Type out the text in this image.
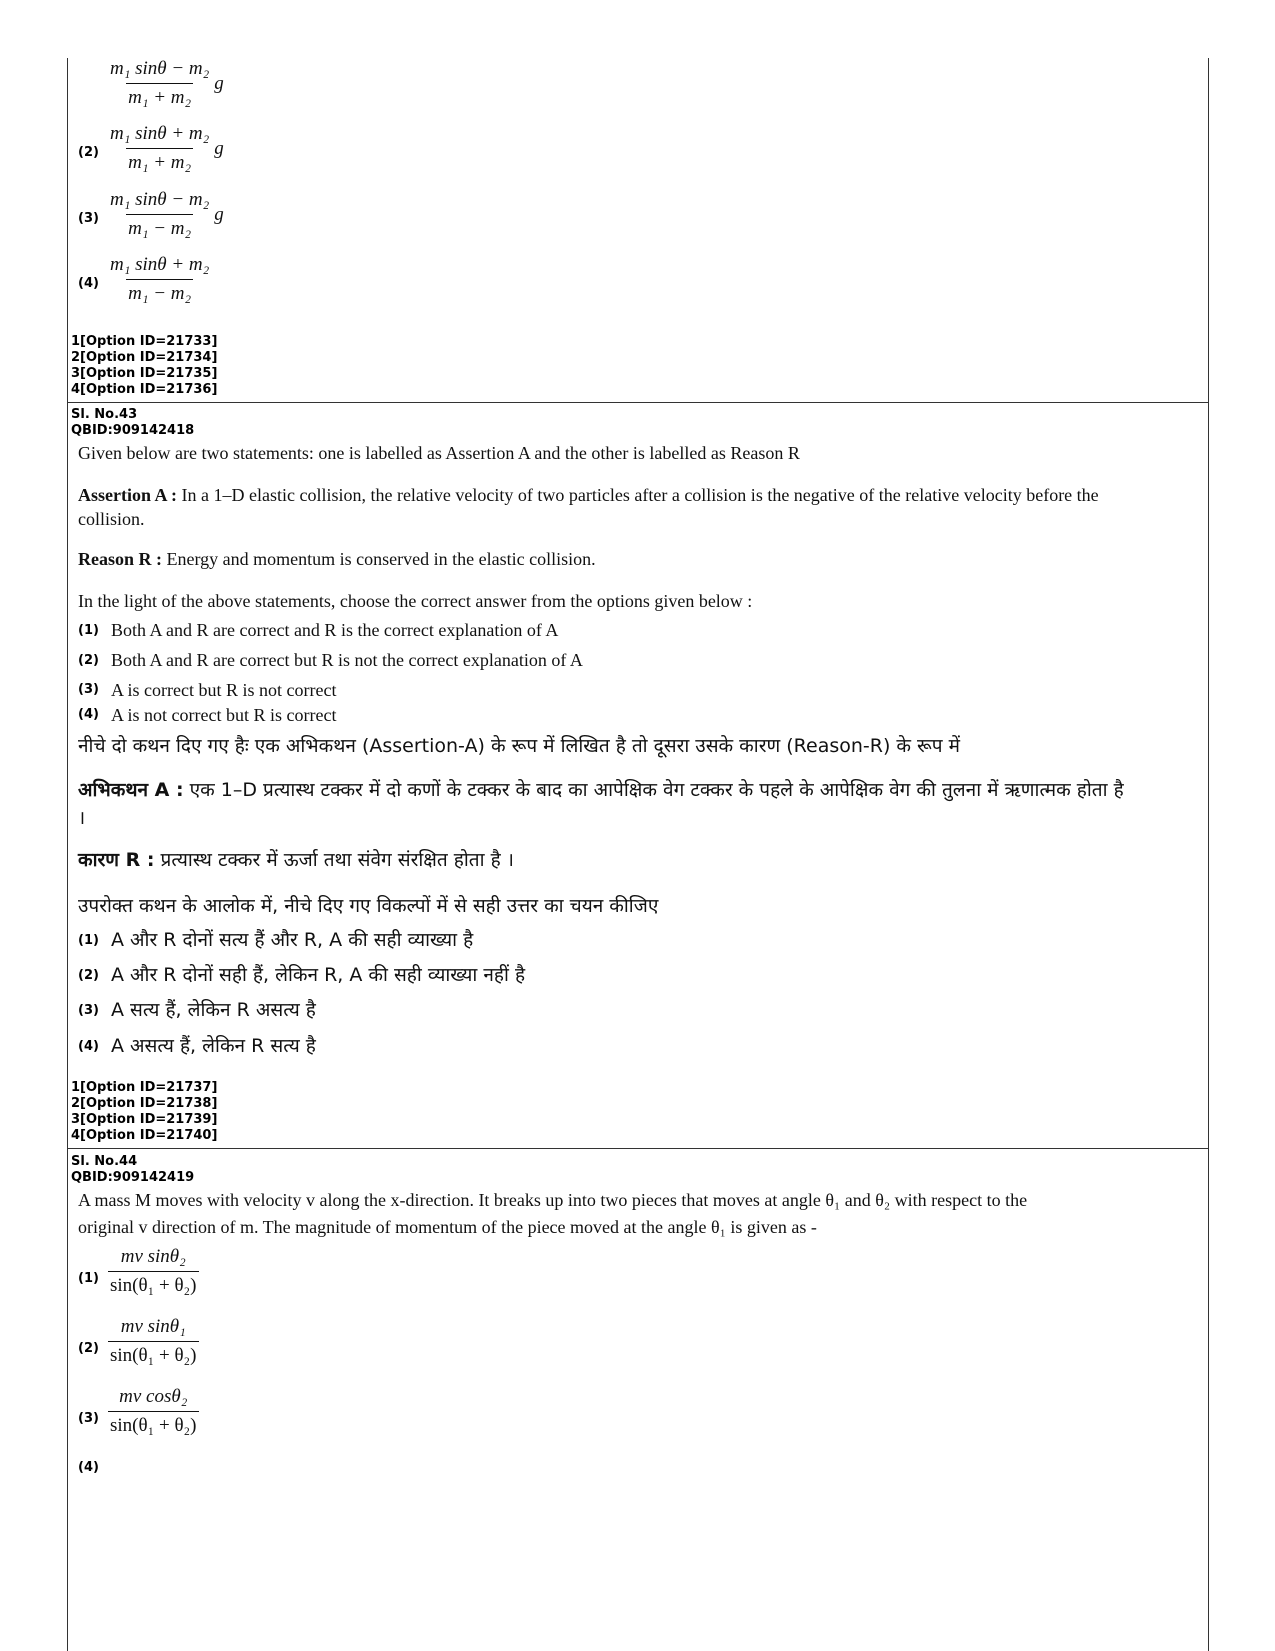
$\frac{\text{m₁ sinθ − m₂}}{\text{m₁ + m₂}}$ g
$(2) \frac{\text{m₁ sinθ + m₂}}{\text{m₁ + m₂}}$ g
$(3) \frac{\text{m₁ sinθ − m₂}}{\text{m₁ − m₂}}$ g
$(4) \frac{\text{m₁ sinθ + m₂}}{\text{m₁ − m₂}}$
1[Option ID=21733]
2[Option ID=21734]
3[Option ID=21735]
4[Option ID=21736]
Sl. No.43
QBID:909142418
Given below are two statements: one is labelled as Assertion A and the other is labelled as Reason R
Assertion A : In a 1–D elastic collision, the relative velocity of two particles after a collision is the negative of the relative velocity before the collision.
Reason R : Energy and momentum is conserved in the elastic collision.
In the light of the above statements, choose the correct answer from the options given below :
(1) Both A and R are correct and R is the correct explanation of A
(2) Both A and R are correct but R is not the correct explanation of A
(3) A is correct but R is not correct
(4) A is not correct but R is correct
नीचे दो कथन दिए गए हैः एक अभिकथन (Assertion-A) के रूप में लिखित है तो दूसरा उसके कारण (Reason-R) के रूप में
अभिकथन A : एक 1–D प्रत्यास्थ टक्कर में दो कणों के टक्कर के बाद का आपेक्षिक वेग टक्कर के पहले के आपेक्षिक वेग की तुलना में ऋणात्मक होता है ।
कारण R : प्रत्यास्थ टक्कर में ऊर्जा तथा संवेग संरक्षित होता है ।
उपरोक्त कथन के आलोक में, नीचे दिए गए विकल्पों में से सही उत्तर का चयन कीजिए
(1) A और R दोनों सत्य हैं और R, A की सही व्याख्या है
(2) A और R दोनों सही हैं, लेकिन R, A की सही व्याख्या नहीं है
(3) A सत्य हैं, लेकिन R असत्य है
(4) A असत्य हैं, लेकिन R सत्य है
1[Option ID=21737]
2[Option ID=21738]
3[Option ID=21739]
4[Option ID=21740]
Sl. No.44
QBID:909142419
A mass M moves with velocity v along the x-direction. It breaks up into two pieces that moves at angle θ₁ and θ₂ with respect to the
original v direction of m. The magnitude of momentum of the piece moved at the angle θ₁ is given as -
$(1) \frac{\text{mv sinθ₂}}{\text{sin(θ₁ + θ₂)}}$
$(2) \frac{\text{mv sinθ₁}}{\text{sin(θ₁ + θ₂)}}$
$(3) \frac{\text{mv cosθ₂}}{\text{sin(θ₁ + θ₂)}}$
(4)
